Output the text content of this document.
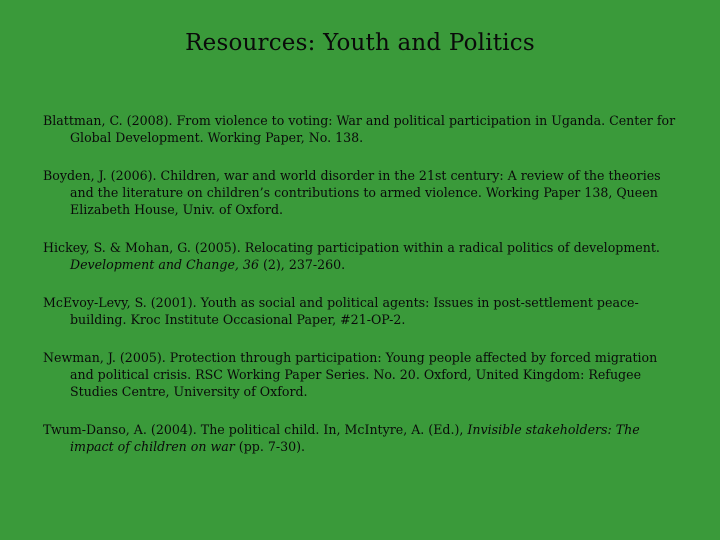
Resources: Youth and Politics

Blattman, C. (2008). From violence to voting: War and political participation in Uganda. Center for Global Development. Working Paper, No. 138.

Boyden, J. (2006). Children, war and world disorder in the 21st century: A review of the theories and the literature on children’s contributions to armed violence. Working Paper 138, Queen Elizabeth House, Univ. of Oxford.

Hickey, S. & Mohan, G. (2005). Relocating participation within a radical politics of development. Development and Change, 36 (2), 237-260.

McEvoy-Levy, S. (2001). Youth as social and political agents: Issues in post-settlement peace-building. Kroc Institute Occasional Paper, #21-OP-2.

Newman, J. (2005). Protection through participation: Young people affected by forced migration and political crisis. RSC Working Paper Series. No. 20. Oxford, United Kingdom: Refugee Studies Centre, University of Oxford.

Twum-Danso, A. (2004). The political child. In, McIntyre, A. (Ed.), Invisible stakeholders: The impact of children on war (pp. 7-30).
